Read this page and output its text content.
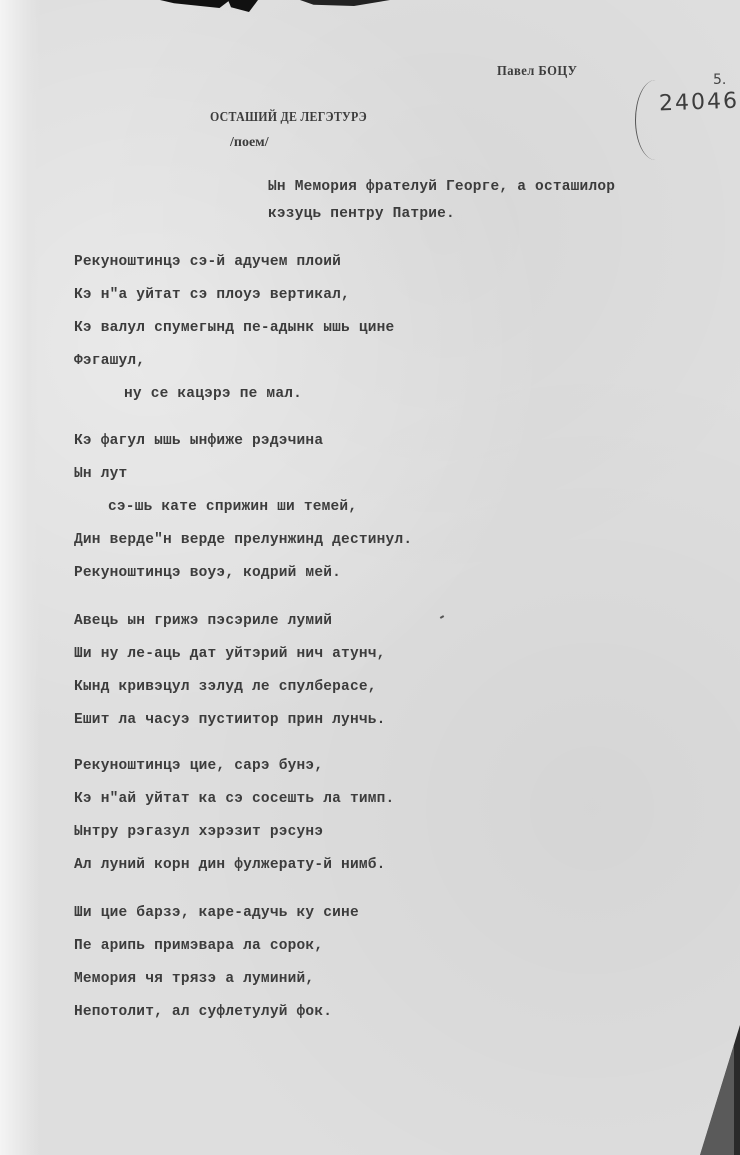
Павел БОЦУ
5.
24046
ОСТАШИЙ ДЕ ЛЕГЭТУРЭ
/поем/
Ын Мемория фрателуй Георге, а осташилор
кэзуць пентру Патрие.
Рекуноштинцэ сэ-й адучем плоий
Кэ н"а уйтат сэ плоуэ вертикал,
Кэ валул спумегынд пе-адынк ышь цине
Фэгашул,
ну се кацэрэ пе мал.
Кэ фагул ышь ынфиже рэдэчина
Ын лут
сэ-шь кате сприжин ши темей,
Дин верде"н верде прелунжинд дестинул.
Рекуноштинцэ воуэ, кодрий мей.
Авець ын грижэ пэсэриле лумий
Ши ну ле-аць дат уйтэрий нич атунч,
Кынд кривэцул зэлуд ле спулберасе,
Ешит ла часуэ пустиитор прин лунчь.
Рекуноштинцэ цие, сарэ бунэ,
Кэ н"ай уйтат ка сэ сосешть ла тимп.
Ынтру рэгазул хэрэзит рэсунэ
Ал луний корн дин фулжерату-й нимб.
Ши цие барзэ, каре-адучь ку сине
Пе арипь примэвара ла сорок,
Мемория чя трязэ а луминий,
Непотолит, ал суфлетулуй фок.
